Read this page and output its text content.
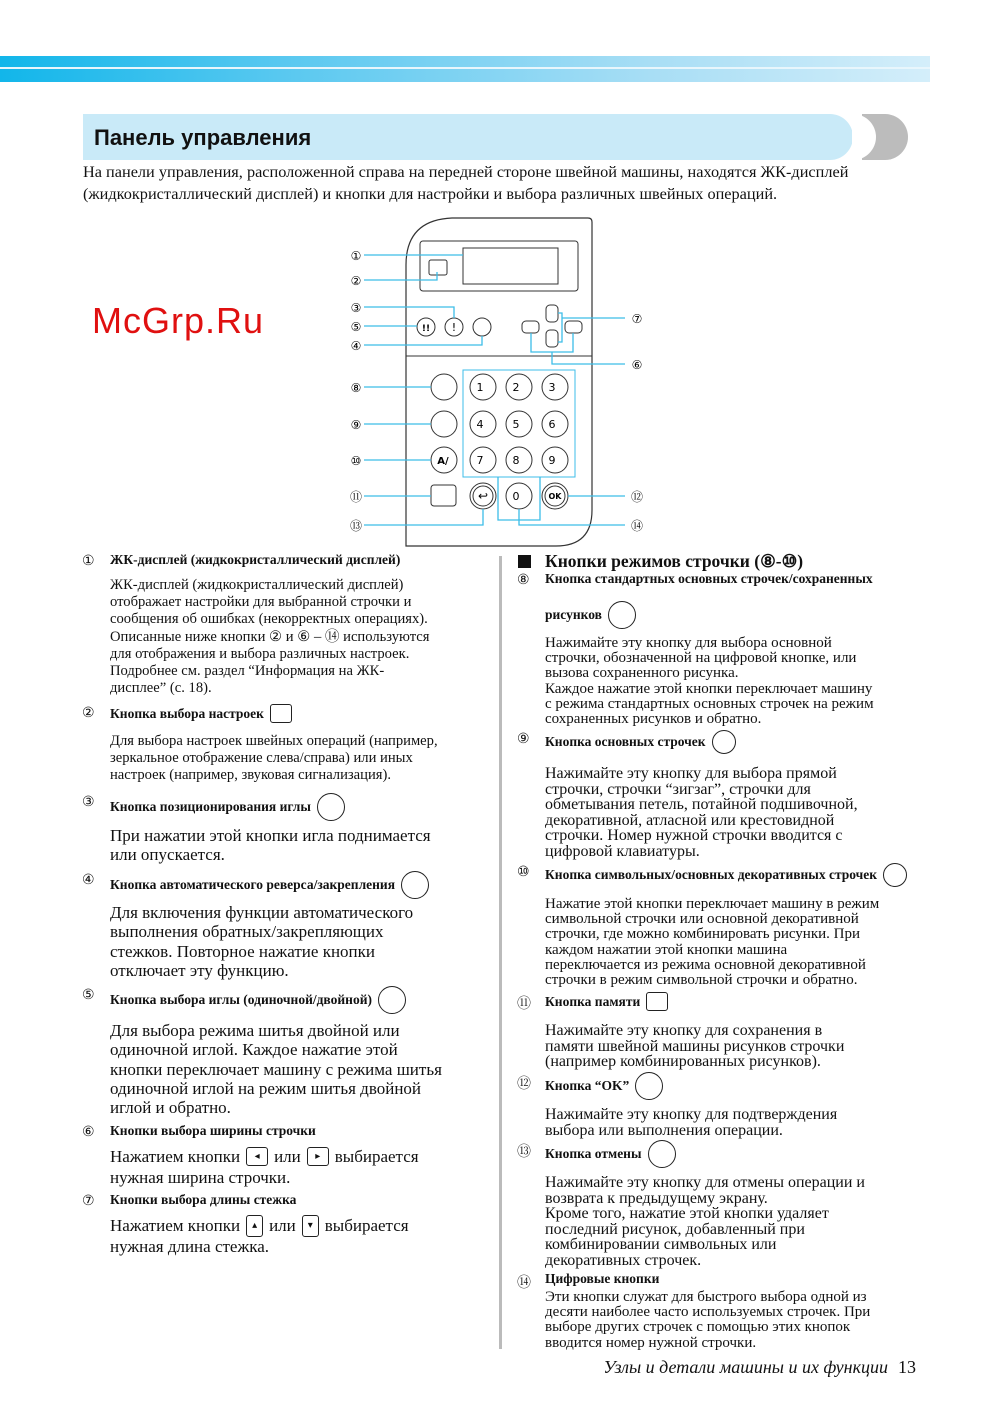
Панель управления
На панели управления, расположенной справа на передней стороне швейной машины, находятся ЖК-дисплей
(жидкокристаллический дисплей) и кнопки для настройки и выбора различных швейных операций.
1	2	3
4	5	6
7	8	9
0	OK
A/
!! !
↩
①
②
③
⑤
④
⑧
⑨
⑩
⑪
⑬
⑦
⑥
⑫
⑭
① ЖК-дисплей (жидкокристаллический дисплей)
ЖК-дисплей (жидкокристаллический дисплей)
отображает настройки для выбранной строчки и
сообщения об ошибках (некорректных операциях).
Описанные ниже кнопки ② и ⑥ – ⑭ используются
для отображения и выбора различных настроек.
Подробнее см. раздел “Информация на ЖК-
дисплее” (с. 18).
② Кнопка выбора настроек
Для выбора настроек швейных операций (например,
зеркальное отображение слева/справа) или иных
настроек (например, звуковая сигнализация).
③ Кнопка позиционирования иглы
При нажатии этой кнопки игла поднимается
или опускается.
④ Кнопка автоматического реверса/закрепления
Для включения функции автоматического
выполнения обратных/закрепляющих
стежков. Повторное нажатие кнопки
отключает эту функцию.
⑤ Кнопка выбора иглы (одиночной/двойной)
Для выбора режима шитья двойной или
одиночной иглой. Каждое нажатие этой
кнопки переключает машину с режима шитья
одиночной иглой на режим шитья двойной
иглой и обратно.
⑥ Кнопки выбора ширины строчки
Нажатием кнопки	◂ или	▸ выбирается
нужная ширина строчки.
⑦ Кнопки выбора длины стежка
Нажатием кнопки	▴ или	▾ выбирается
нужная длина стежка.
Кнопки режимов строчки (⑧-⑩)
⑧ Кнопка стандартных основных строчек/сохраненных
рисунков
Нажимайте эту кнопку для выбора основной
строчки, обозначенной на цифровой кнопке, или
вызова сохраненного рисунка.
Каждое нажатие этой кнопки переключает машину
с режима стандартных основных строчек на режим
сохраненных рисунков и обратно.
⑨ Кнопка основных строчек
Нажимайте эту кнопку для выбора прямой
строчки, строчки “зигзаг”, строчки для
обметывания петель, потайной подшивочной,
декоративной, атласной или крестовидной
строчки. Номер нужной строчки вводится с
цифровой клавиатуры.
⑩ Кнопка символьных/основных декоративных строчек
Нажатие этой кнопки переключает машину в режим
символьной строчки или основной декоративной
строчки, где можно комбинировать рисунки. При
каждом нажатии этой кнопки машина
переключается из режима основной декоративной
строчки в режим символьной строчки и обратно.
⑪ Кнопка памяти
Нажимайте эту кнопку для сохранения в
памяти швейной машины рисунков строчки
(например комбинированных рисунков).
⑫ Кнопка “OK”
Нажимайте эту кнопку для подтверждения
выбора или выполнения операции.
⑬ Кнопка отмены
Нажимайте эту кнопку для отмены операции и
возврата к предыдущему экрану.
Кроме того, нажатие этой кнопки удаляет
последний рисунок, добавленный при
комбинировании символьных или
декоративных строчек.
⑭ Цифровые кнопки
Эти кнопки служат для быстрого выбора одной из
десяти наиболее часто используемых строчек. При
выборе других строчек с помощью этих кнопок
вводится номер нужной строчки.
McGrp.Ru
Узлы и детали машины и их функции 13
